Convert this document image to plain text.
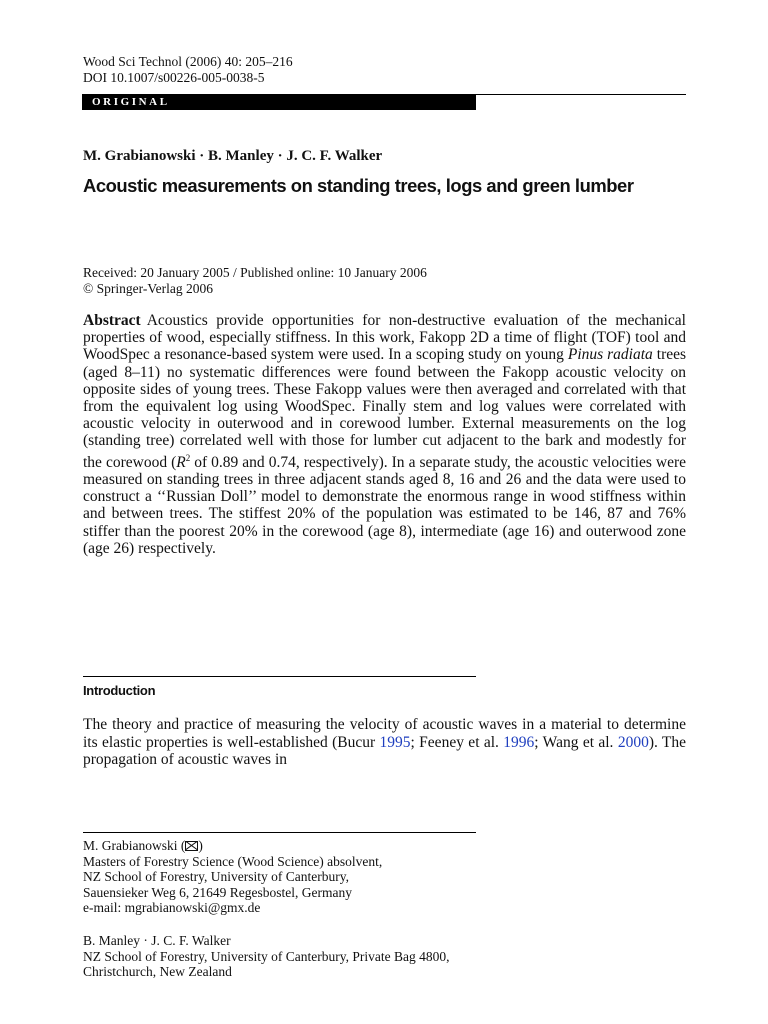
Wood Sci Technol (2006) 40: 205–216
DOI 10.1007/s00226-005-0038-5
ORIGINAL
M. Grabianowski · B. Manley · J. C. F. Walker
Acoustic measurements on standing trees, logs and green lumber
Received: 20 January 2005 / Published online: 10 January 2006
© Springer-Verlag 2006
Abstract Acoustics provide opportunities for non-destructive evaluation of the mechanical properties of wood, especially stiffness. In this work, Fakopp 2D a time of flight (TOF) tool and WoodSpec a resonance-based system were used. In a scoping study on young Pinus radiata trees (aged 8–11) no systematic differences were found between the Fakopp acoustic velocity on opposite sides of young trees. These Fakopp values were then averaged and correlated with that from the equivalent log using WoodSpec. Finally stem and log values were correlated with acoustic velocity in outerwood and in corewood lumber. External measurements on the log (standing tree) correlated well with those for lumber cut adjacent to the bark and modestly for the corewood ($R^2$ of 0.89 and 0.74, respectively). In a separate study, the acoustic velocities were measured on standing trees in three adjacent stands aged 8, 16 and 26 and the data were used to construct a ‘‘Russian Doll’’ model to demonstrate the enormous range in wood stiffness within and between trees. The stiffest 20% of the population was estimated to be 146, 87 and 76% stiffer than the poorest 20% in the corewood (age 8), intermediate (age 16) and outerwood zone (age 26) respectively.
Introduction
The theory and practice of measuring the velocity of acoustic waves in a material to determine its elastic properties is well-established (Bucur 1995; Feeney et al. 1996; Wang et al. 2000). The propagation of acoustic waves in
M. Grabianowski ( )
Masters of Forestry Science (Wood Science) absolvent,
NZ School of Forestry, University of Canterbury,
Sauensieker Weg 6, 21649 Regesbostel, Germany
e-mail: mgrabianowski@gmx.de
B. Manley · J. C. F. Walker
NZ School of Forestry, University of Canterbury, Private Bag 4800,
Christchurch, New Zealand
